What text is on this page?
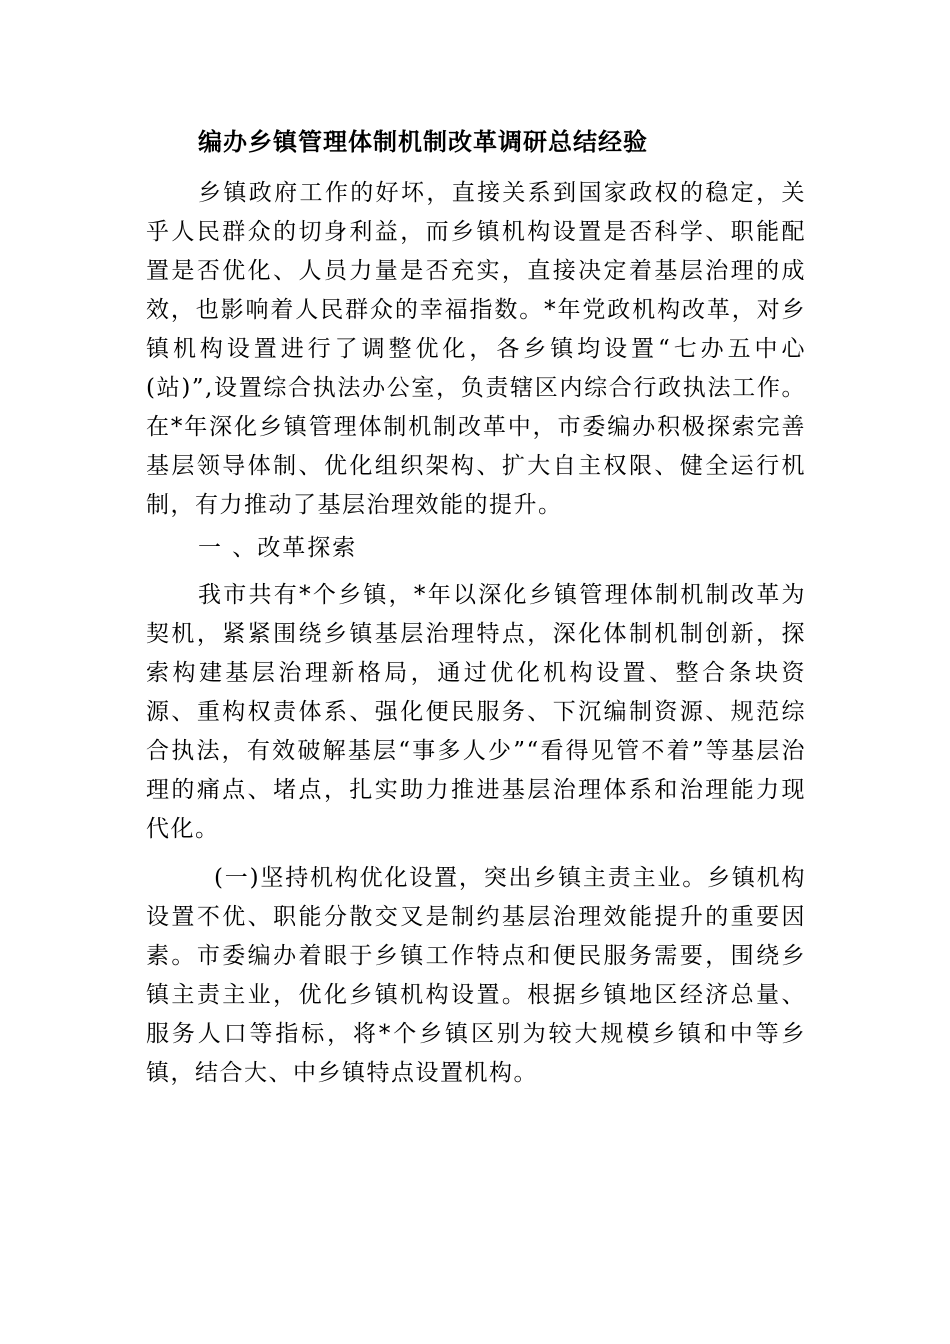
编办乡镇管理体制机制改革调研总结经验

乡镇政府工作的好坏，直接关系到国家政权的稳定，关乎人民群众的切身利益，而乡镇机构设置是否科学、职能配置是否优化、人员力量是否充实，直接决定着基层治理的成效，也影响着人民群众的幸福指数。*年党政机构改革，对乡镇机构设置进行了调整优化，各乡镇均设置“七办五中心(站)”,设置综合执法办公室，负责辖区内综合行政执法工作。在*年深化乡镇管理体制机制改革中，市委编办积极探索完善基层领导体制、优化组织架构、扩大自主权限、健全运行机制，有力推动了基层治理效能的提升。

一 、改革探索

我市共有*个乡镇，*年以深化乡镇管理体制机制改革为契机，紧紧围绕乡镇基层治理特点，深化体制机制创新，探索构建基层治理新格局，通过优化机构设置、整合条块资源、重构权责体系、强化便民服务、下沉编制资源、规范综合执法，有效破解基层“事多人少”“看得见管不着”等基层治理的痛点、堵点，扎实助力推进基层治理体系和治理能力现代化。

(一)坚持机构优化设置，突出乡镇主责主业。乡镇机构设置不优、职能分散交叉是制约基层治理效能提升的重要因素。市委编办着眼于乡镇工作特点和便民服务需要，围绕乡镇主责主业，优化乡镇机构设置。根据乡镇地区经济总量、服务人口等指标，将*个乡镇区别为较大规模乡镇和中等乡镇，结合大、中乡镇特点设置机构。
